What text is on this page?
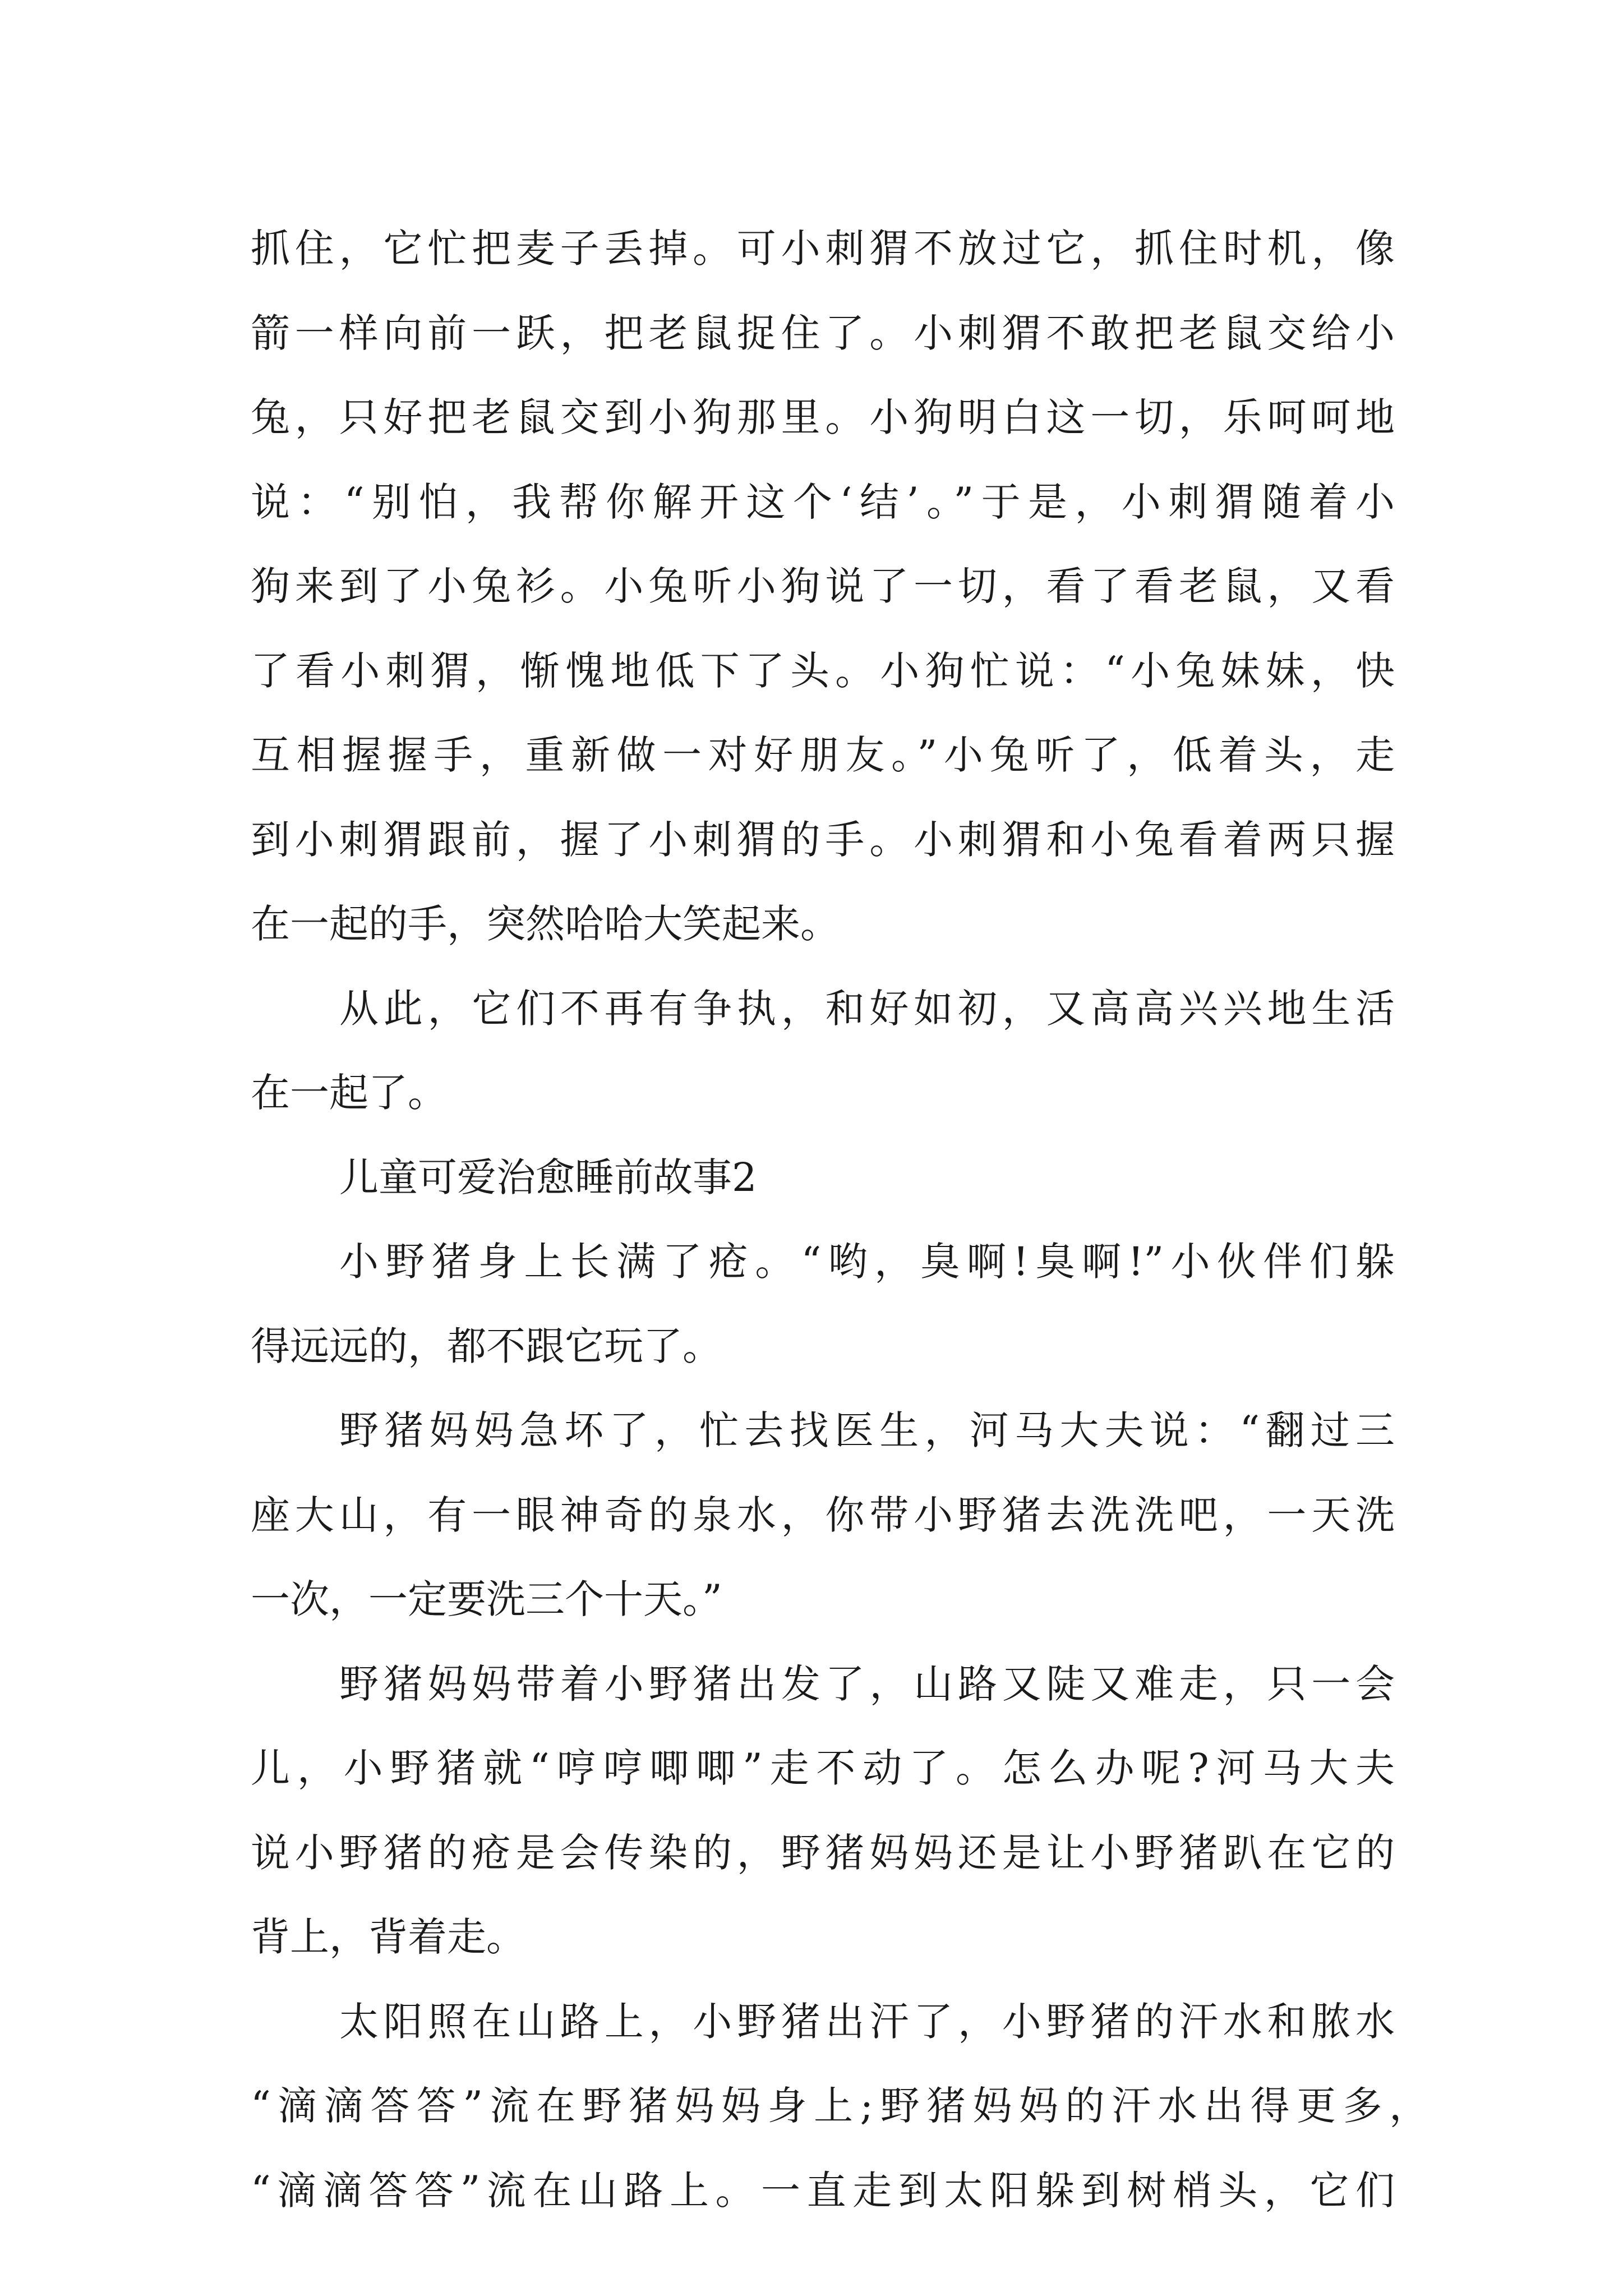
抓住，它忙把麦子丢掉。可小刺猬不放过它，抓住时机，像
箭一样向前一跃，把老鼠捉住了。小刺猬不敢把老鼠交给小
兔，只好把老鼠交到小狗那里。小狗明白这一切，乐呵呵地
说：“别怕，我帮你解开这个‘结’。”于是，小刺猬随着小
狗来到了小兔衫。小兔听小狗说了一切，看了看老鼠，又看
了看小刺猬，惭愧地低下了头。小狗忙说：“小兔妹妹，快
互相握握手，重新做一对好朋友。”小兔听了，低着头，走
到小刺猬跟前，握了小刺猬的手。小刺猬和小兔看着两只握
在一起的手，突然哈哈大笑起来。
从此，它们不再有争执，和好如初，又高高兴兴地生活
在一起了。
儿童可爱治愈睡前故事2
小野猪身上长满了疮。“哟，臭啊!臭啊!”小伙伴们躲
得远远的，都不跟它玩了。
野猪妈妈急坏了，忙去找医生，河马大夫说：“翻过三
座大山，有一眼神奇的泉水，你带小野猪去洗洗吧，一天洗
一次，一定要洗三个十天。”
野猪妈妈带着小野猪出发了，山路又陡又难走，只一会
儿，小野猪就“哼哼唧唧”走不动了。怎么办呢?河马大夫
说小野猪的疮是会传染的，野猪妈妈还是让小野猪趴在它的
背上，背着走。
太阳照在山路上，小野猪出汗了，小野猪的汗水和脓水
“滴滴答答”流在野猪妈妈身上;野猪妈妈的汗水出得更多，
“滴滴答答”流在山路上。一直走到太阳躲到树梢头，它们
